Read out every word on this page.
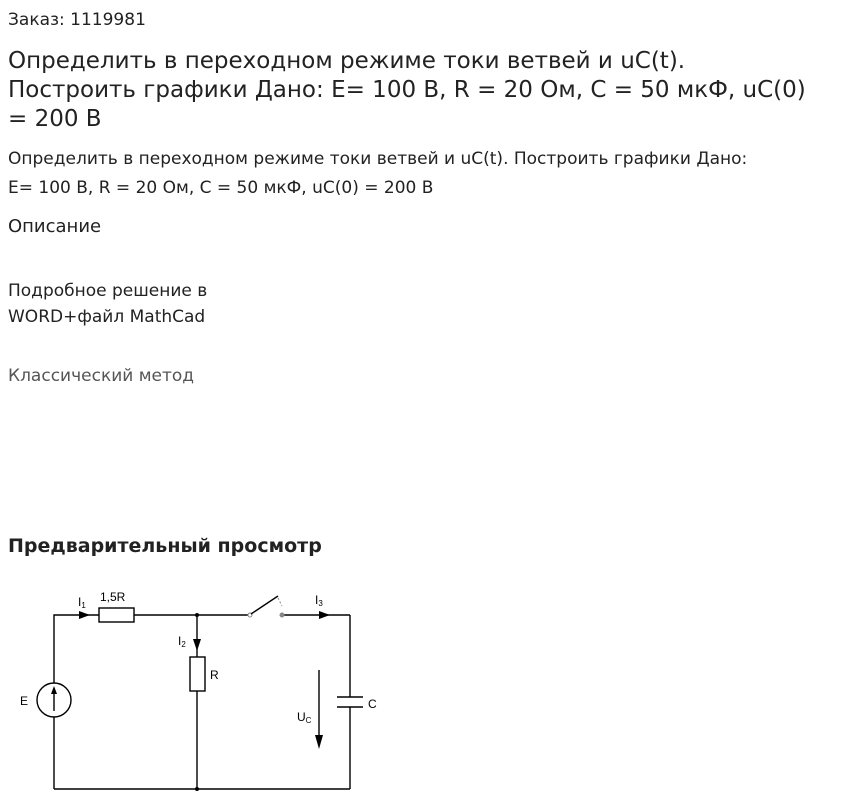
Заказ: 1119981
Определить в переходном режиме токи ветвей и uC(t). Построить графики Дано: E= 100 В, R = 20 Ом, C = 50 мкФ, uC(0) = 200 В
Определить в переходном режиме токи ветвей и uC(t). Построить графики Дано:
E= 100 В, R = 20 Ом, C = 50 мкФ, uC(0) = 200 В
Описание
Подробное решение в
WORD+файл MathCad
Классический метод
Предварительный просмотр
I1
1,5R
I2
R
I3
E	C
UC
